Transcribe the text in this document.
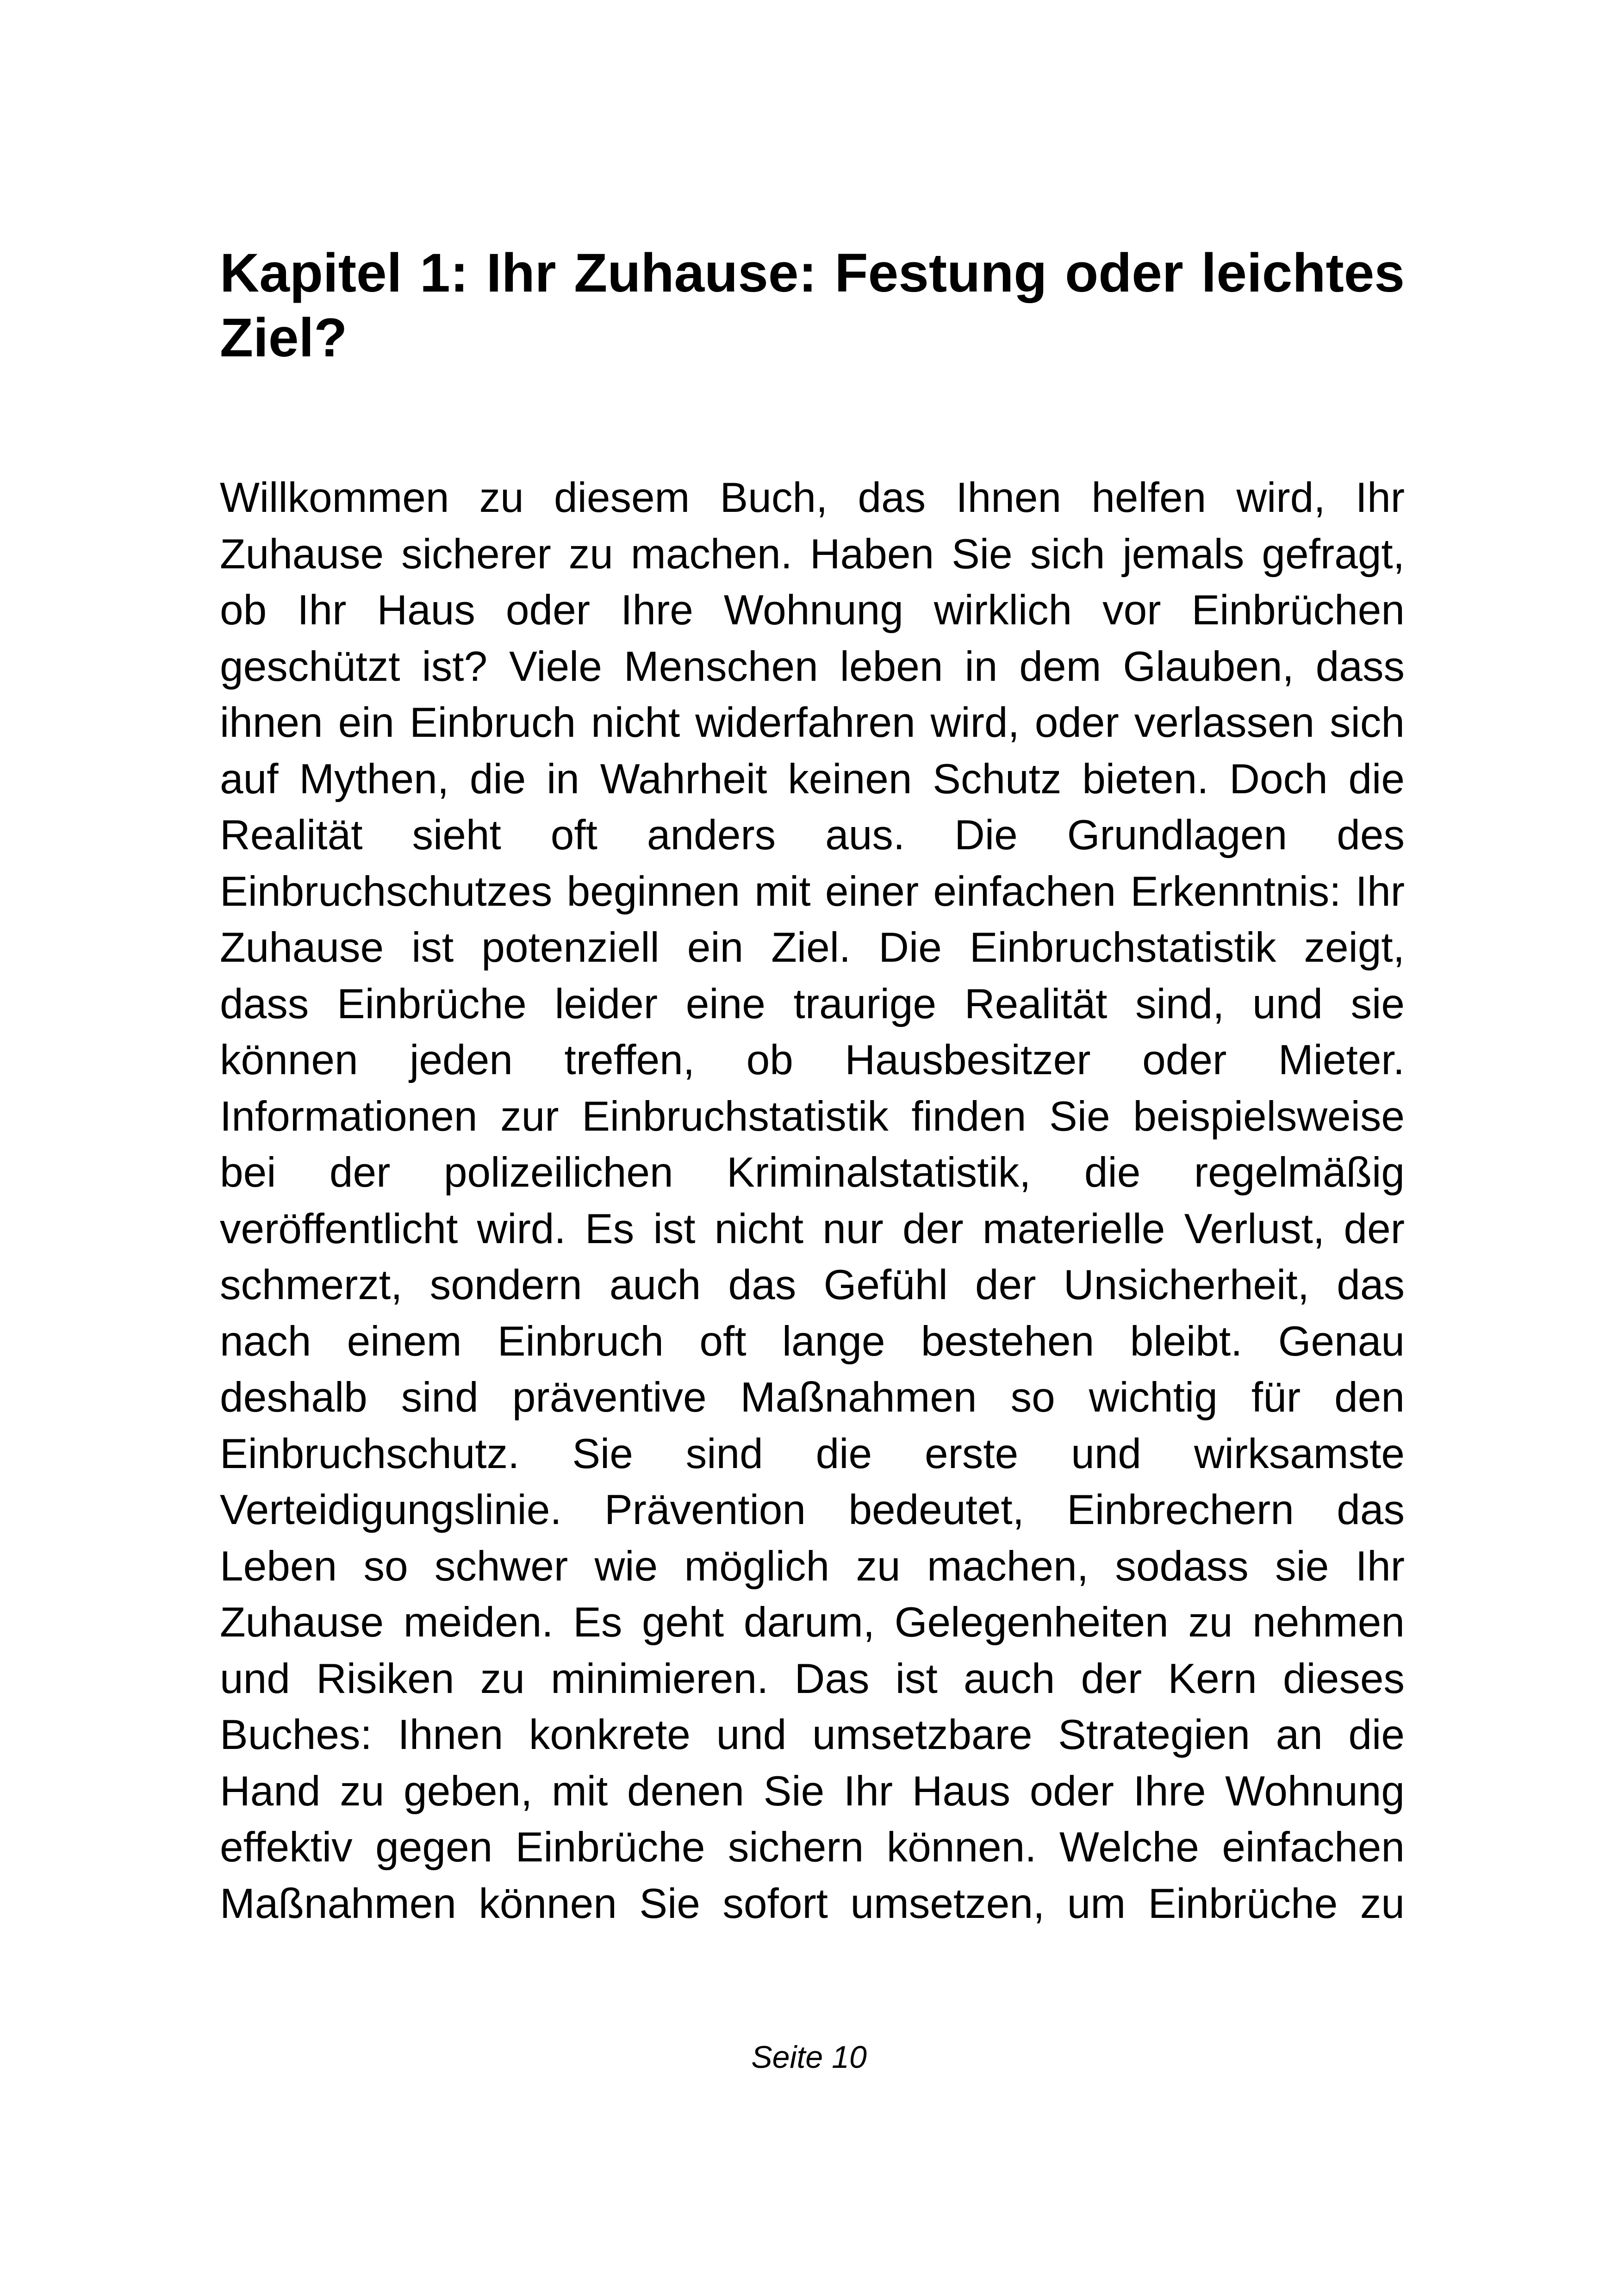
Kapitel 1: Ihr Zuhause: Festung oder leichtes
Ziel?
Willkommen zu diesem Buch, das Ihnen helfen wird, Ihr
Zuhause sicherer zu machen. Haben Sie sich jemals gefragt,
ob Ihr Haus oder Ihre Wohnung wirklich vor Einbrüchen
geschützt ist? Viele Menschen leben in dem Glauben, dass
ihnen ein Einbruch nicht widerfahren wird, oder verlassen sich
auf Mythen, die in Wahrheit keinen Schutz bieten. Doch die
Realität sieht oft anders aus. Die Grundlagen des
Einbruchschutzes beginnen mit einer einfachen Erkenntnis: Ihr
Zuhause ist potenziell ein Ziel. Die Einbruchstatistik zeigt,
dass Einbrüche leider eine traurige Realität sind, und sie
können jeden treffen, ob Hausbesitzer oder Mieter.
Informationen zur Einbruchstatistik finden Sie beispielsweise
bei der polizeilichen Kriminalstatistik, die regelmäßig
veröffentlicht wird. Es ist nicht nur der materielle Verlust, der
schmerzt, sondern auch das Gefühl der Unsicherheit, das
nach einem Einbruch oft lange bestehen bleibt. Genau
deshalb sind präventive Maßnahmen so wichtig für den
Einbruchschutz. Sie sind die erste und wirksamste
Verteidigungslinie. Prävention bedeutet, Einbrechern das
Leben so schwer wie möglich zu machen, sodass sie Ihr
Zuhause meiden. Es geht darum, Gelegenheiten zu nehmen
und Risiken zu minimieren. Das ist auch der Kern dieses
Buches: Ihnen konkrete und umsetzbare Strategien an die
Hand zu geben, mit denen Sie Ihr Haus oder Ihre Wohnung
effektiv gegen Einbrüche sichern können. Welche einfachen
Maßnahmen können Sie sofort umsetzen, um Einbrüche zu
Seite 10
